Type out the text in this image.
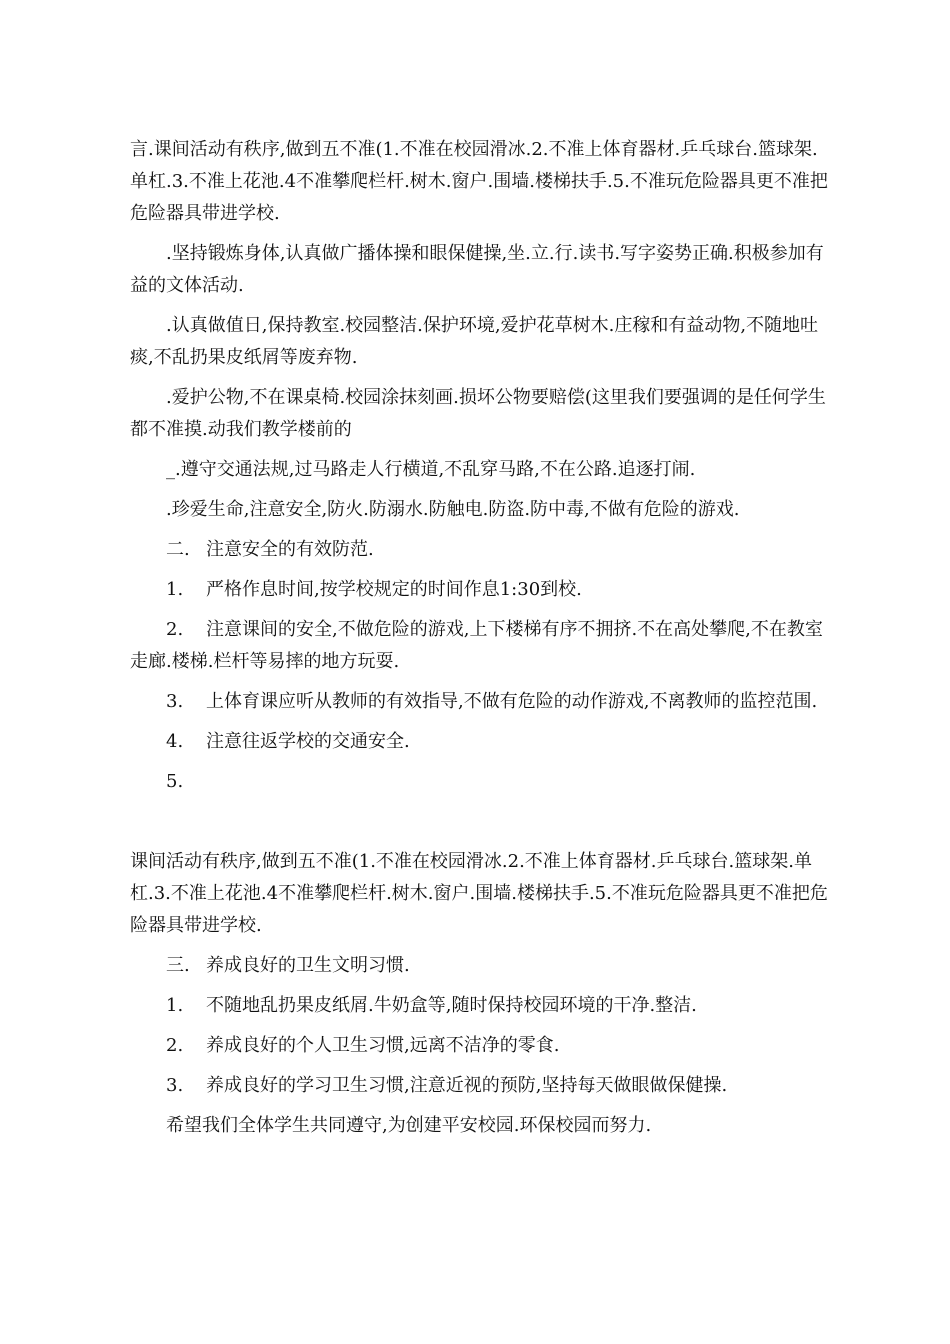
言.课间活动有秩序,做到五不准(1.不准在校园滑冰.2.不准上体育器材.乒乓球台.篮球架.单杠.3.不准上花池.4不准攀爬栏杆.树木.窗户.围墙.楼梯扶手.5.不准玩危险器具更不准把危险器具带进学校.

.坚持锻炼身体,认真做广播体操和眼保健操,坐.立.行.读书.写字姿势正确.积极参加有益的文体活动.

.认真做值日,保持教室.校园整洁.保护环境,爱护花草树木.庄稼和有益动物,不随地吐痰,不乱扔果皮纸屑等废弃物.

.爱护公物,不在课桌椅.校园涂抹刻画.损坏公物要赔偿(这里我们要强调的是任何学生都不准摸.动我们教学楼前的

_.遵守交通法规,过马路走人行横道,不乱穿马路,不在公路.追逐打闹.

.珍爱生命,注意安全,防火.防溺水.防触电.防盗.防中毒,不做有危险的游戏.

二. 注意安全的有效防范.

1. 严格作息时间,按学校规定的时间作息1:30到校.

2. 注意课间的安全,不做危险的游戏,上下楼梯有序不拥挤.不在高处攀爬,不在教室走廊.楼梯.栏杆等易摔的地方玩耍.

3. 上体育课应听从教师的有效指导,不做有危险的动作游戏,不离教师的监控范围.

4. 注意往返学校的交通安全.

5.

课间活动有秩序,做到五不准(1.不准在校园滑冰.2.不准上体育器材.乒乓球台.篮球架.单杠.3.不准上花池.4不准攀爬栏杆.树木.窗户.围墙.楼梯扶手.5.不准玩危险器具更不准把危险器具带进学校.

三. 养成良好的卫生文明习惯.

1. 不随地乱扔果皮纸屑.牛奶盒等,随时保持校园环境的干净.整洁.

2. 养成良好的个人卫生习惯,远离不洁净的零食.

3. 养成良好的学习卫生习惯,注意近视的预防,坚持每天做眼做保健操.

希望我们全体学生共同遵守,为创建平安校园.环保校园而努力.
